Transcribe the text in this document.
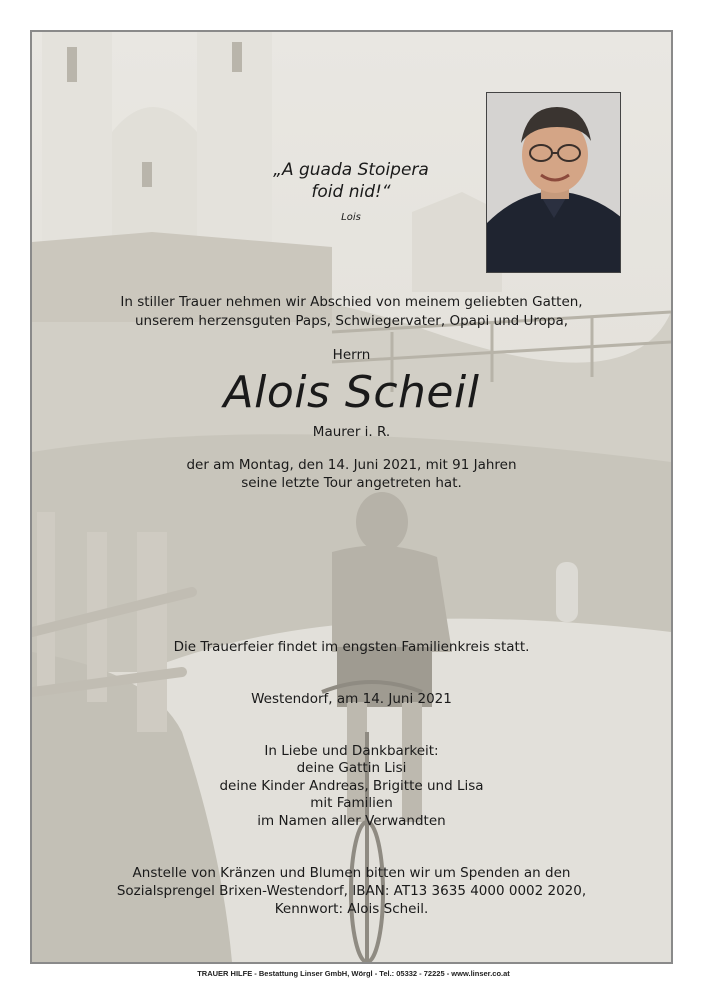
„A guada Stoipera
foid nid!“
Lois
In stiller Trauer nehmen wir Abschied von meinem geliebten Gatten,
unserem herzensguten Paps, Schwiegervater, Opapi und Uropa,
Herrn
Alois Scheil
Maurer i. R.
der am Montag, den 14. Juni 2021, mit 91 Jahren
seine letzte Tour angetreten hat.
Die Trauerfeier findet im engsten Familienkreis statt.
Westendorf, am 14. Juni 2021
In Liebe und Dankbarkeit:
deine Gattin Lisi
deine Kinder Andreas, Brigitte und Lisa
mit Familien
im Namen aller Verwandten
Anstelle von Kränzen und Blumen bitten wir um Spenden an den
Sozialsprengel Brixen-Westendorf, IBAN: AT13 3635 4000 0002 2020,
Kennwort: Alois Scheil.
TRAUER HILFE - Bestattung Linser GmbH, Wörgl - Tel.: 05332 - 72225 - www.linser.co.at
